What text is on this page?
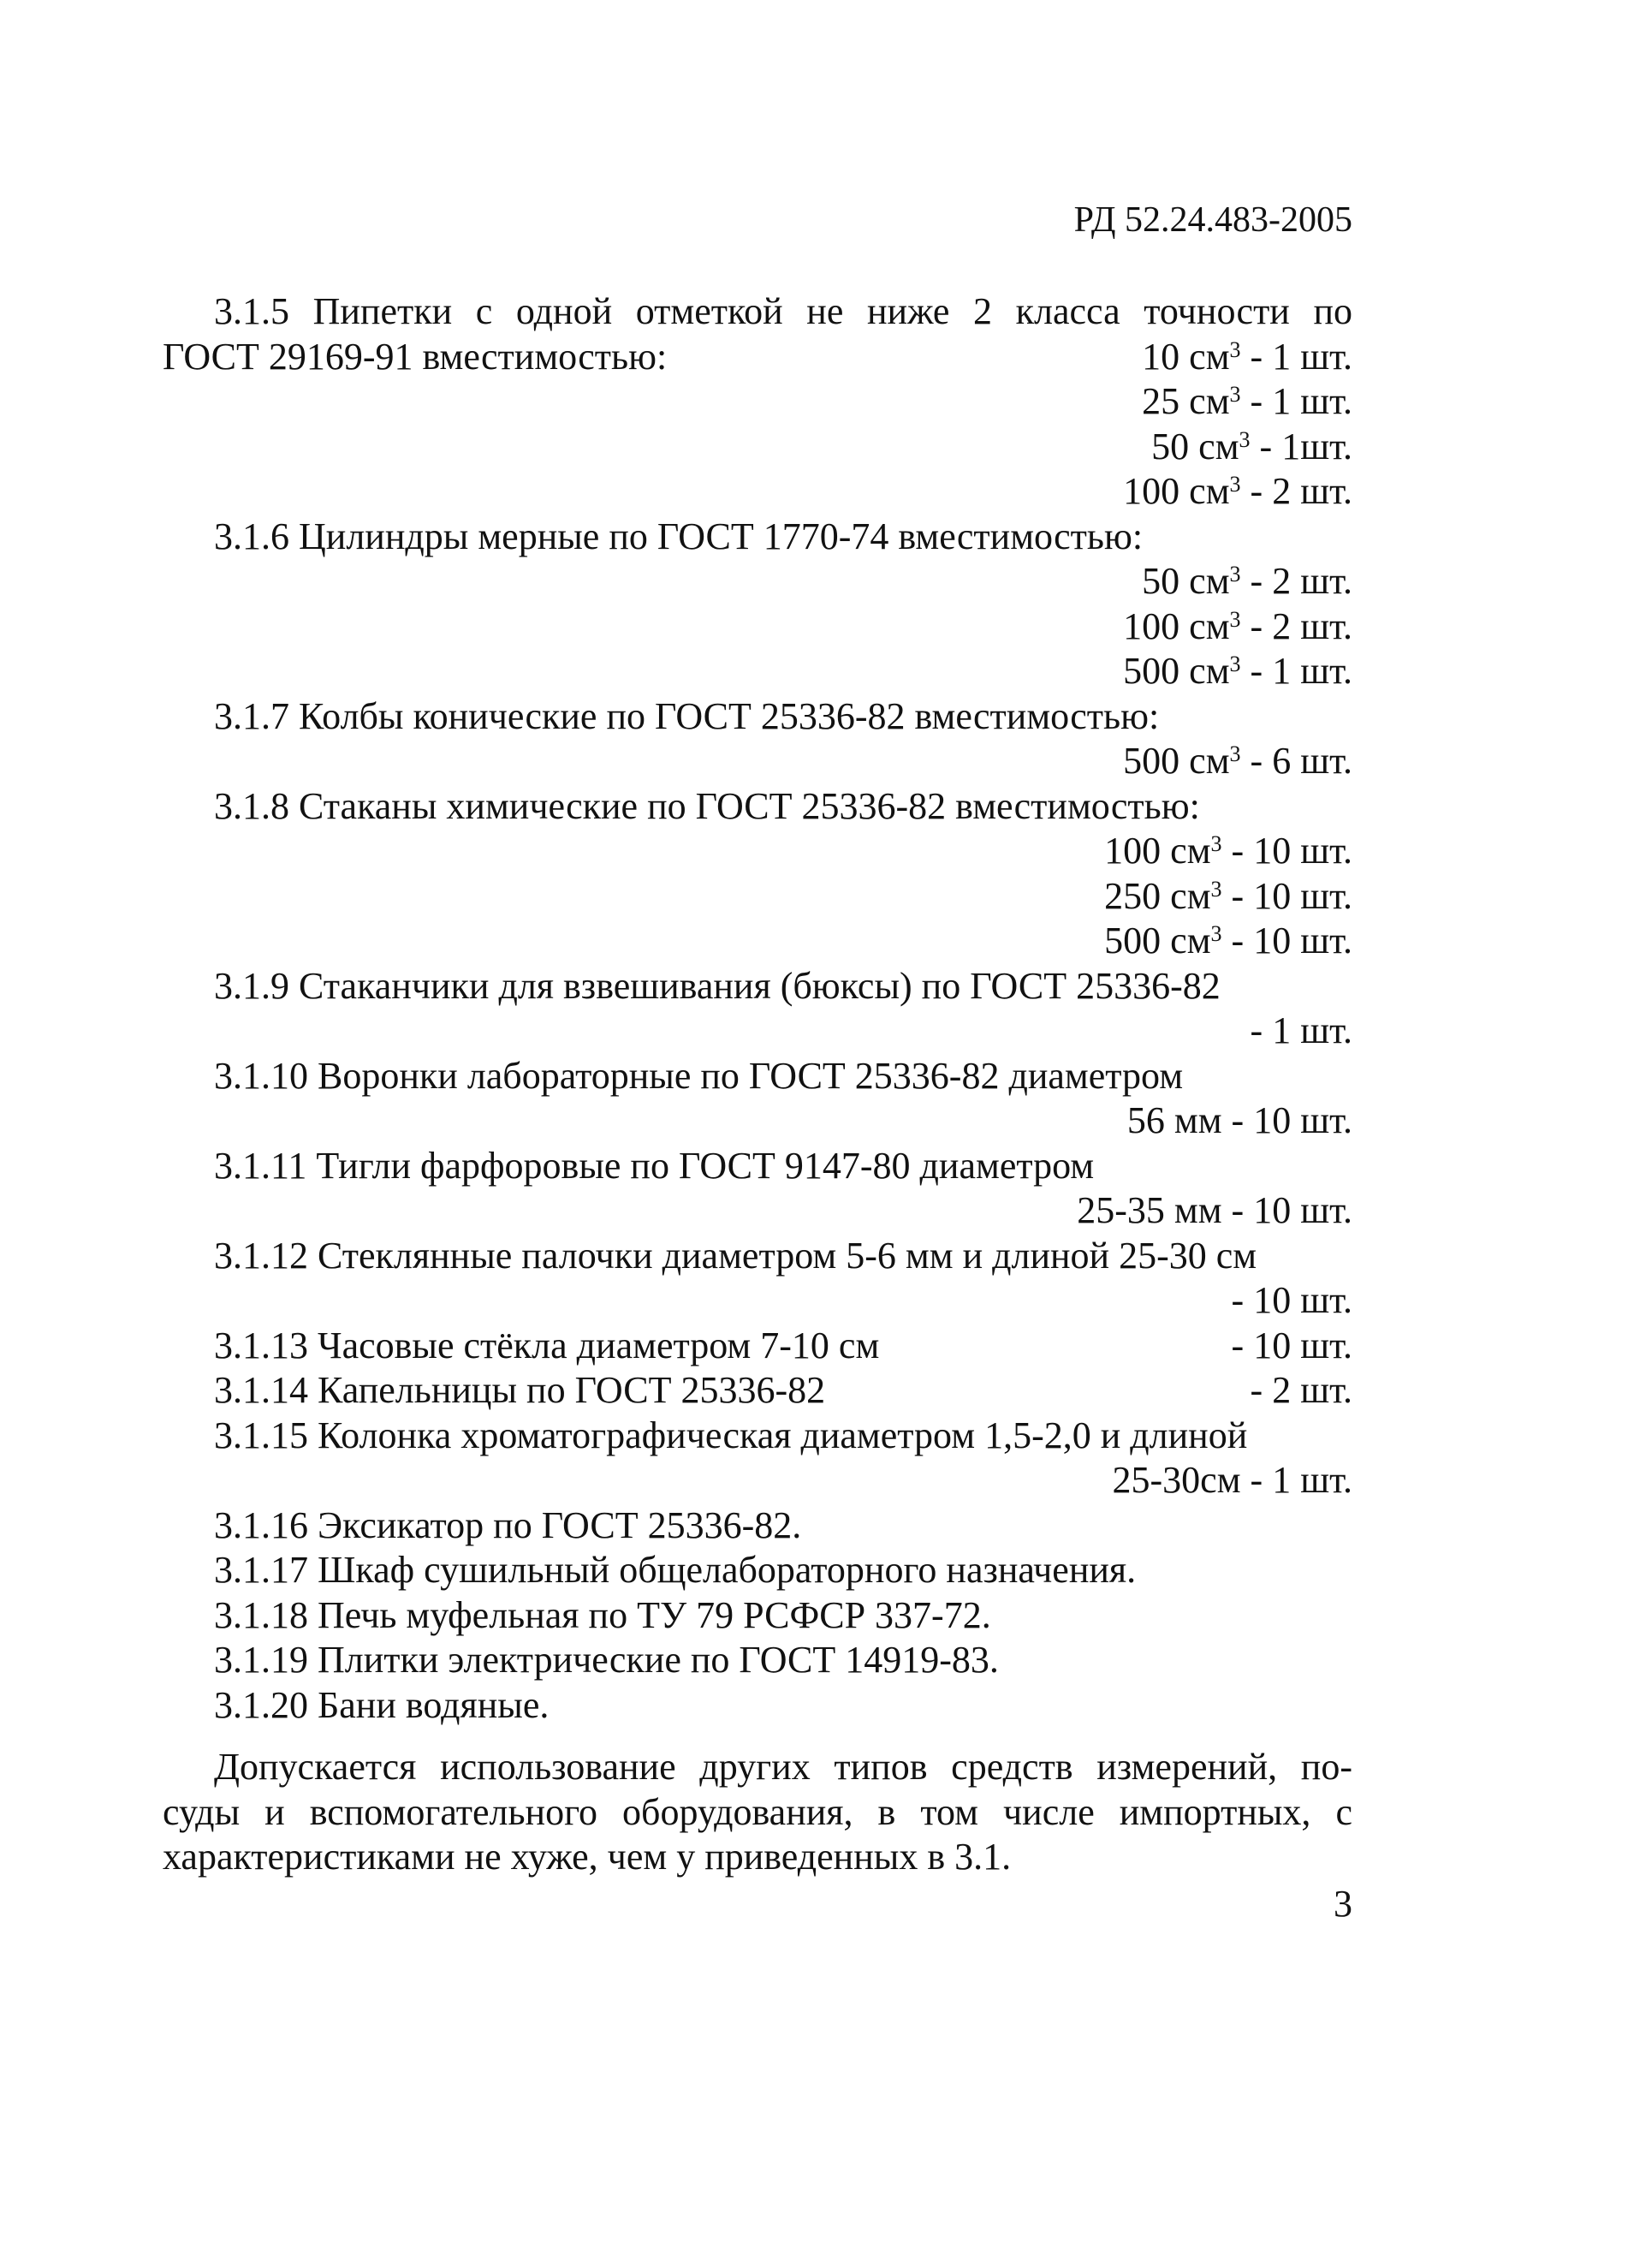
РД 52.24.483-2005
3.1.5 Пипетки с одной отметкой не ниже 2 класса точности по
ГОСТ 29169-91 вместимостью:	10 $см^3 - 1$ шт.
25 $см^3 - 1$ шт.
50 $см^3 - 1шт$.
100 $см^3 - 2$ шт.
3.1.6 Цилиндры мерные по ГОСТ 1770-74 вместимостью:
50 $см^3 - 2$ шт.
100 $см^3 - 2$ шт.
500 $см^3 - 1$ шт.
3.1.7 Колбы конические по ГОСТ 25336-82 вместимостью:
500 $см^3 - 6$ шт.
3.1.8 Стаканы химические по ГОСТ 25336-82 вместимостью:
100 $см^3 - 10$ шт.
250 $см^3 - 10$ шт.
500 $см^3 - 10$ шт.
3.1.9 Стаканчики для взвешивания (бюксы) по ГОСТ 25336-82
- 1 шт.
3.1.10 Воронки лабораторные по ГОСТ 25336-82 диаметром
56 мм - 10 шт.
3.1.11 Тигли фарфоровые по ГОСТ 9147-80 диаметром
25-35 мм - 10 шт.
3.1.12 Стеклянные палочки диаметром 5-6 мм и длиной 25-30 см
- 10 шт.
3.1.13 Часовые стёкла диаметром 7-10 см	- 10 шт.
3.1.14 Капельницы по ГОСТ 25336-82	- 2 шт.
3.1.15 Колонка хроматографическая диаметром 1,5-2,0 и длиной
25-30см - 1 шт.
3.1.16 Эксикатор по ГОСТ 25336-82.
3.1.17 Шкаф сушильный общелабораторного назначения.
3.1.18 Печь муфельная по ТУ 79 РСФСР 337-72.
3.1.19 Плитки электрические по ГОСТ 14919-83.
3.1.20 Бани водяные.
Допускается использование других типов средств измерений, по-
суды и вспомогательного оборудования, в том числе импортных, с
характеристиками не хуже, чем у приведенных в 3.1.
3
